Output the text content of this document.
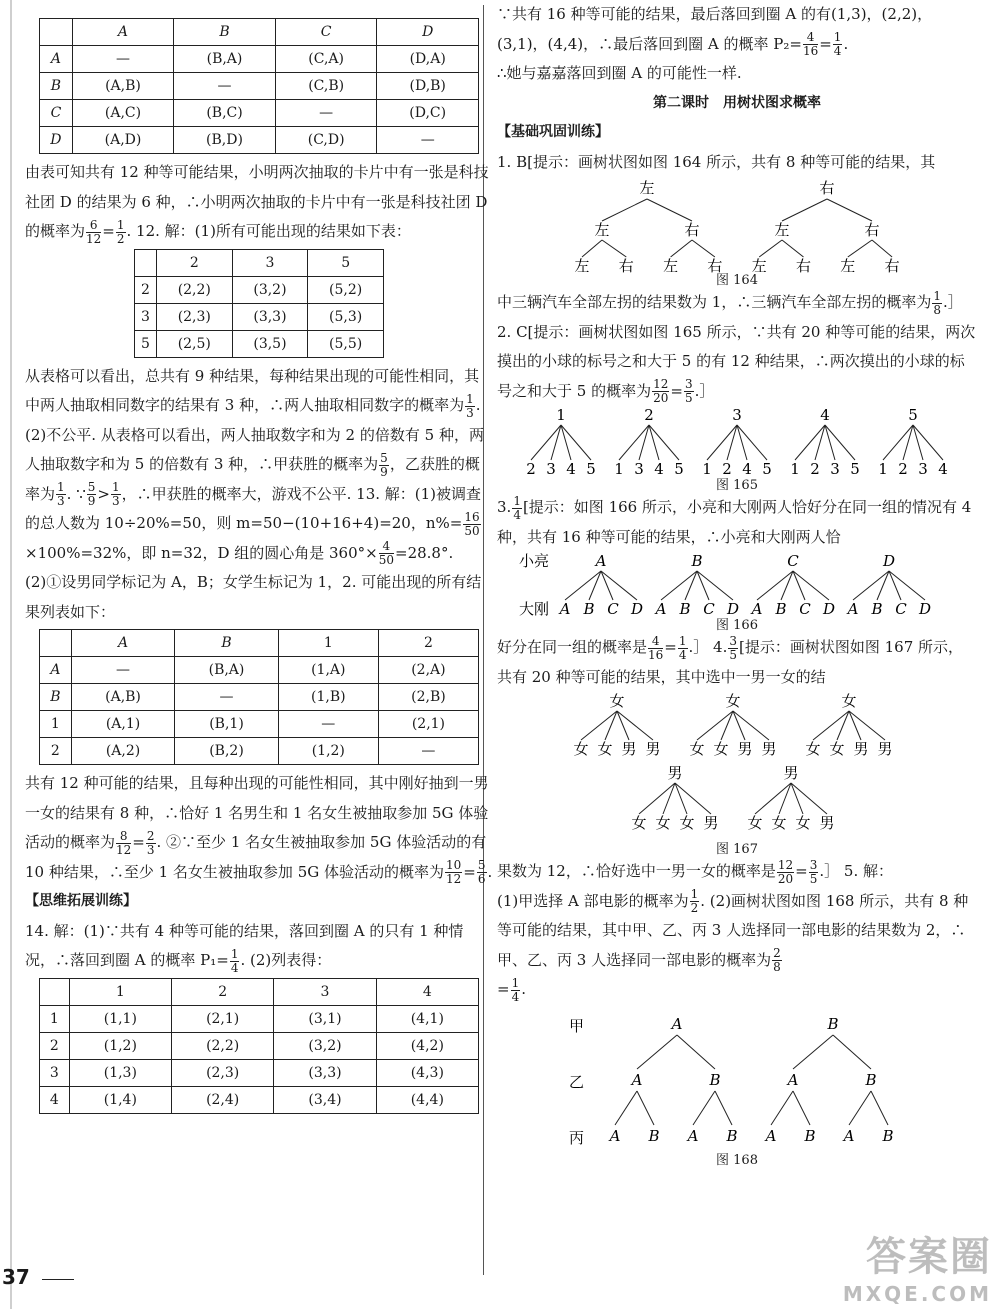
	A	B	C	D
A	—	(B,A)	(C,A)	(D,A)
B	(A,B)	—	(C,B)	(D,B)
C	(A,C)	(B,C)	—	(D,C)
D	(A,D)	(B,D)	(C,D)	—

由表可知共有 12 种等可能结果，小明两次抽取的卡片中有一张是科技社团 D 的结果为 6 种，∴小明两次抽取的卡片中有一张是科技社团 D 的概率为 $\frac{6}{12} = \frac{1}{2}$ . 12. 解：(1)所有可能出现的结果如下表：

	2	3	5
2	(2,2)	(3,2)	(5,2)
3	(2,3)	(3,3)	(5,3)
5	(2,5)	(3,5)	(5,5)

从表格可以看出，总共有 9 种结果，每种结果出现的可能性相同，其中两人抽取相同数字的结果有 3 种，∴两人抽取相同数字的概率为 $\frac{1}{3}$ . (2)不公平. 从表格可以看出，两人抽取数字和为 2 的倍数有 5 种，两人抽取数字和为 5 的倍数有 3 种，∴甲获胜的概率为 $\frac{5}{9}$ ，乙获胜的概率为 $\frac{1}{3}$ . ∵ $\frac{5}{9} > \frac{1}{3}$ ，∴甲获胜的概率大，游戏不公平. 13. 解：(1)被调查的总人数为 10÷20%=50，则 m=50−(10+16+4)=20，$n\%= \frac{16}{50}$
×100%=32%，即 n=32，D 组的圆心角是 $360^\circ\times \frac{4}{50} =28.8^\circ$.

(2)①设男同学标记为 A，B；女学生标记为 1，2. 可能出现的所有结果列表如下：

	A	B	1	2
A	—	(B,A)	(1,A)	(2,A)
B	(A,B)	—	(1,B)	(2,B)
1	(A,1)	(B,1)	—	(2,1)
2	(A,2)	(B,2)	(1,2)	—

共有 12 种可能的结果，且每种出现的可能性相同，其中刚好抽到一男一女的结果有 8 种，∴恰好 1 名男生和 1 名女生被抽取参加 5G 体验活动的概率为 $\frac{8}{12} = \frac{2}{3}$ . ②∵至少 1 名女生被抽取参加 5G 体验活动的有 10 种结果，∴至少 1 名女生被抽取参加 5G 体验活动的概率为 $\frac{10}{12} = \frac{5}{6}$ .

【思维拓展训练】

14. 解：(1)∵共有 4 种等可能的结果，落回到圈 A 的只有 1 种情况，∴落回到圈 A 的概率 $P_1= \frac{1}{4}$ . (2)列表得：

	1	2	3	4
1	(1,1)	(2,1)	(3,1)	(4,1)
2	(1,2)	(2,2)	(3,2)	(4,2)
3	(1,3)	(2,3)	(3,3)	(4,3)
4	(1,4)	(2,4)	(3,4)	(4,4)

∵共有 16 种等可能的结果，最后落回到圈 A 的有(1,3)，(2,2)，(3,1)，(4,4)，∴最后落回到圈 A 的概率 $P_2= \frac{4}{16} = \frac{1}{4}$ .
∴她与嘉嘉落回到圈 A 的可能性一样.

第二课时　用树状图求概率

【基础巩固训练】

1. B[提示：画树状图如图 164 所示，共有 8 种等可能的结果，其

左	右
左	右	左	右
左 右 左 右 左 右 左 右
图 164

中三辆汽车全部左拐的结果数为 1，∴三辆汽车全部左拐的概率为 $\frac{1}{8}$ .］ 2. C[提示：画树状图如图 165 所示，∵共有 20 种等可能的结果，两次摸出的小球的标号之和大于 5 的有 12 种结果，∴两次摸出的小球的标号之和大于 5 的概率为 $\frac{12}{20} = \frac{3}{5}$ .］

1
2 3 4 5
2
1 3 4 5
3
1 2 4 5
4
1 2 3 5
5
1 2 3 4
图 165

3. $\frac{1}{4}$ [提示：如图 166 所示，小亮和大刚两人恰好分在同一组的情况有 4 种，共有 16 种等可能的结果，∴小亮和大刚两人恰

小亮
大刚
A
A B C D
B
A B C D
C
A B C D
D
A B C D
图 166

好分在同一组的概率是 $\frac{4}{16} = \frac{1}{4}$ .］ 4. $\frac{3}{5}$ [提示：画树状图如图 167 所示，共有 20 种等可能的结果，其中选中一男一女的结

女
女 女 男 男
女
女 女 男 男
女
女 女 男 男
男
女 女 女 男
男
女 女 女 男
图 167

果数为 12，∴恰好选中一男一女的概率是 $\frac{12}{20} = \frac{3}{5}$ .］ 5. 解：

(1)甲选择 A 部电影的概率为 $\frac{1}{2}$ . (2)画树状图如图 168 所示，共有 8 种等可能的结果，其中甲、乙、丙 3 人选择同一部电影的结果数为 2，∴甲、乙、丙 3 人选择同一部电影的概率为 $\frac{2}{8}$

= $\frac{1}{4}$ .

甲
乙
丙
A	B
A	B	A	B
A B A B A B A B
图 168
37	答案圈
MXQE.COM
